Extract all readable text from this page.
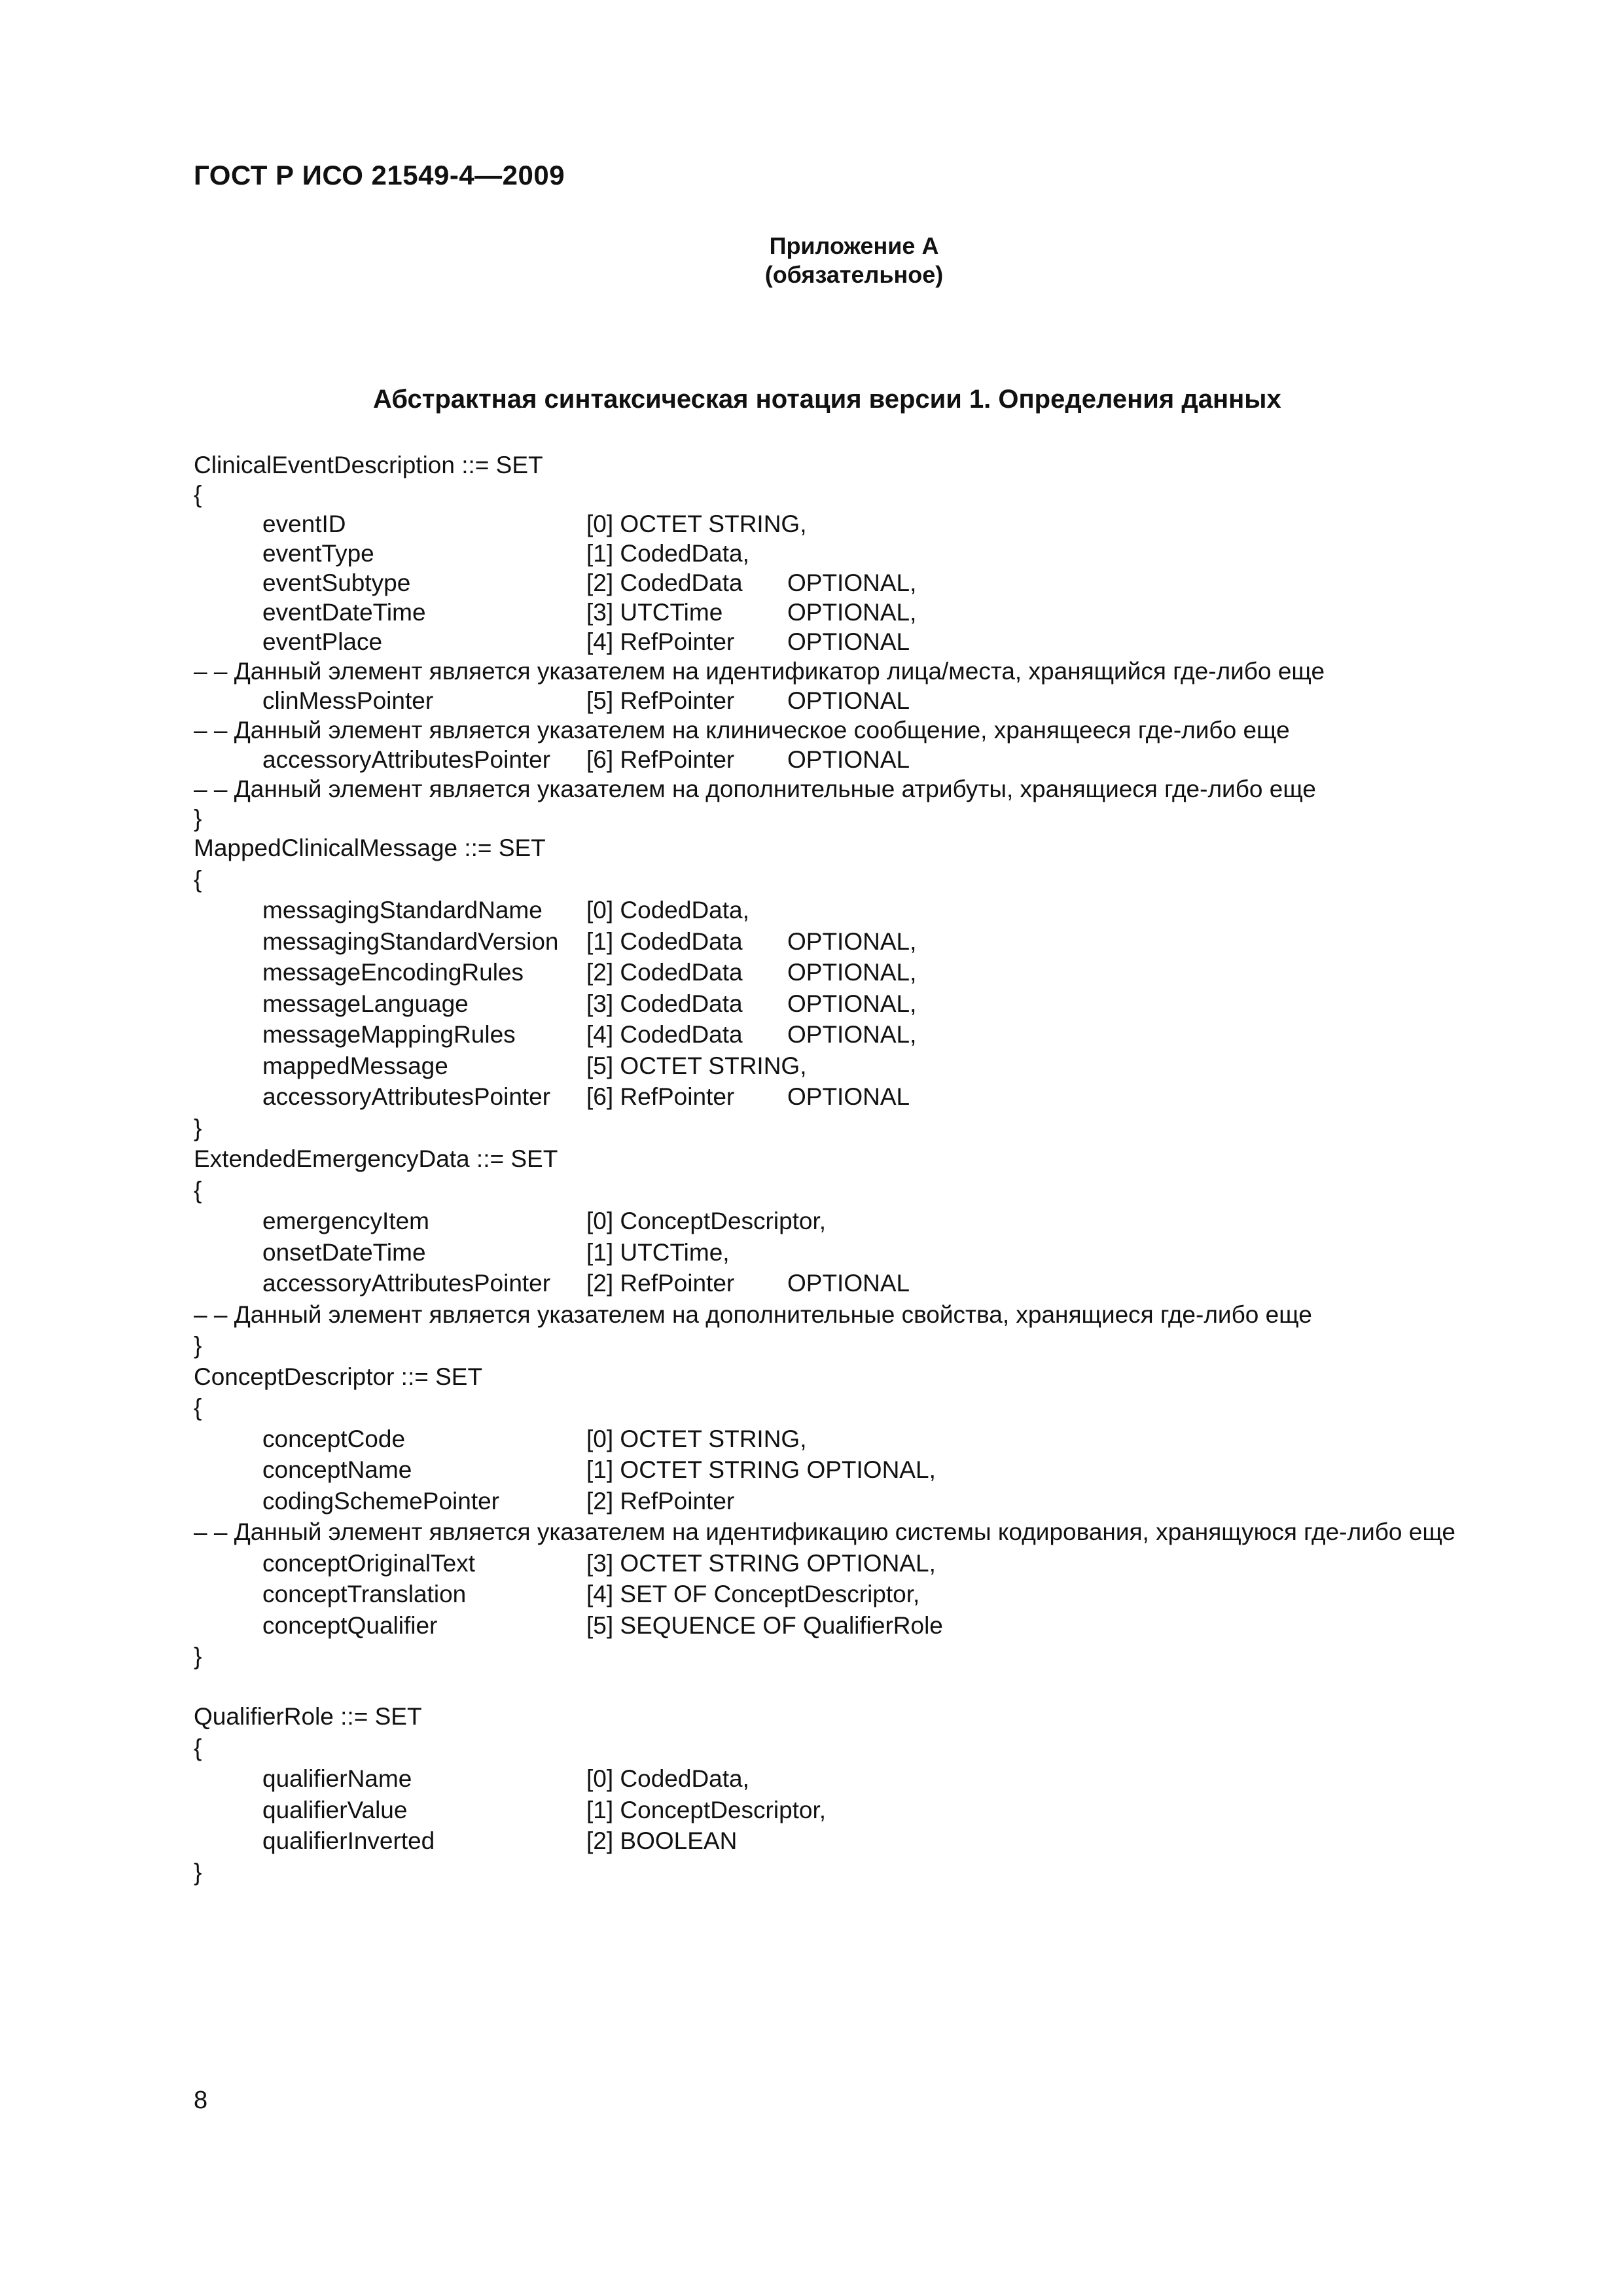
ГОСТ Р ИСО 21549-4—2009
Приложение А
(обязательное)
Абстрактная синтаксическая нотация версии 1. Определения данных
ClinicalEventDescription ::= SET
{
eventID	[0] OCTET STRING,
eventType	[1] CodedData,
eventSubtype	[2] CodedData OPTIONAL,
eventDateTime	[3] UTCTime	OPTIONAL,
eventPlace	[4] RefPointer OPTIONAL
– – Данный элемент является указателем на идентификатор лица/места, хранящийся где-либо еще
clinMessPointer	[5] RefPointer OPTIONAL
– – Данный элемент является указателем на клиническое сообщение, хранящееся где-либо еще
accessoryAttributesPointer [6] RefPointer OPTIONAL
– – Данный элемент является указателем на дополнительные атрибуты, хранящиеся где-либо еще
}
MappedClinicalMessage ::= SET
{
messagingStandardName [0] CodedData,
messagingStandardVersion [1] CodedData OPTIONAL,
messageEncodingRules	[2] CodedData OPTIONAL,
messageLanguage	[3] CodedData OPTIONAL,
messageMappingRules	[4] CodedData OPTIONAL,
mappedMessage	[5] OCTET STRING,
accessoryAttributesPointer [6] RefPointer OPTIONAL
}
ExtendedEmergencyData ::= SET
{
emergencyItem	[0] ConceptDescriptor,
onsetDateTime	[1] UTCTime,
accessoryAttributesPointer [2] RefPointer OPTIONAL
– – Данный элемент является указателем на дополнительные свойства, хранящиеся где-либо еще
}
ConceptDescriptor ::= SET
{
conceptCode	[0] OCTET STRING,
conceptName	[1] OCTET STRING OPTIONAL,
codingSchemePointer	[2] RefPointer
– – Данный элемент является указателем на идентификацию системы кодирования, хранящуюся где-либо еще
conceptOriginalText	[3] OCTET STRING OPTIONAL,
conceptTranslation	[4] SET OF ConceptDescriptor,
conceptQualifier	[5] SEQUENCE OF QualifierRole
}
QualifierRole ::= SET
{
qualifierName	[0] CodedData,
qualifierValue	[1] ConceptDescriptor,
qualifierInverted	[2] BOOLEAN
}
8
